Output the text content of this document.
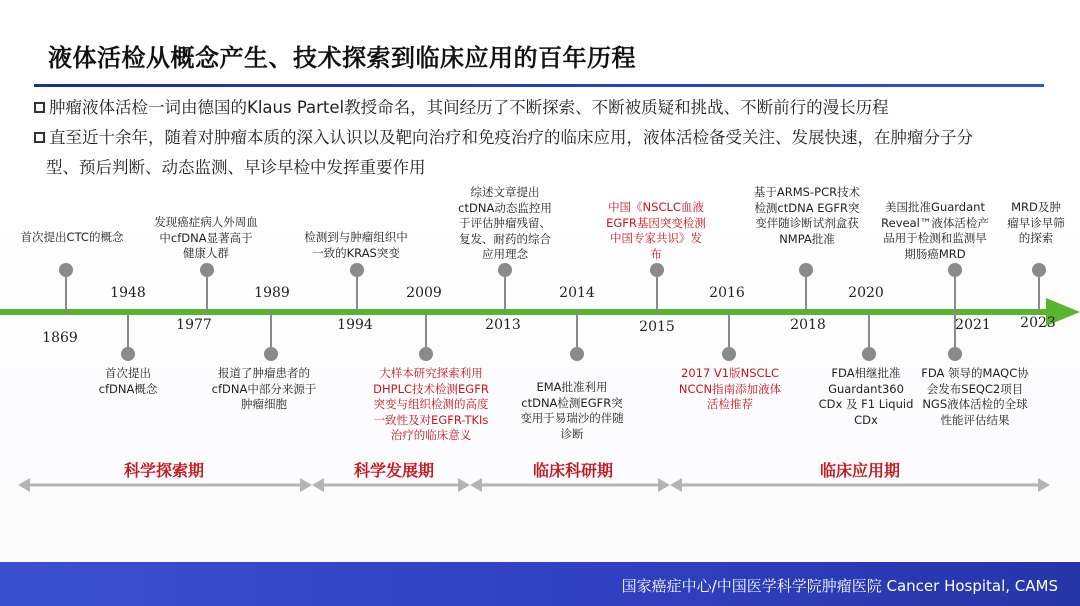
液体活检从概念产生、技术探索到临床应用的百年历程
肿瘤液体活检一词由德国的Klaus Partel教授命名，其间经历了不断探索、不断被质疑和挑战、不断前行的漫长历程
直至近十余年，随着对肿瘤本质的深入认识以及靶向治疗和免疫治疗的临床应用，液体活检备受关注、发展快速，在肿瘤分子分
型、预后判断、动态监测、早诊早检中发挥重要作用
1948
首次提出CTC的概念
1977
发现癌症病人外周血中cfDNA显著高于健康人群
1994
检测到与肿瘤组织中一致的KRAS突变
2013
综述文章提出ctDNA动态监控用于评估肿瘤残留、复发、耐药的综合应用理念
2015
中国《NSCLC血液EGFR基因突变检测中国专家共识》发布
2018
基于ARMS-PCR技术检测ctDNA EGFR突变伴随诊断试剂盒获NMPA批准
2020
美国批准Guardant Reveal™液体活检产品用于检测和监测早期肠癌MRD
2023
MRD及肿瘤早诊早筛的探索
1869
首次提出cfDNA概念
1989
报道了肿瘤患者的cfDNA中部分来源于肿瘤细胞
2009
大样本研究探索利用DHPLC技术检测EGFR突变与组织检测的高度一致性及对EGFR-TKIs治疗的临床意义
2014
EMA批准利用ctDNA检测EGFR突变用于易瑞沙的伴随诊断
2016
2017 V1版NSCLC NCCN指南添加液体活检推荐
FDA相继批准Guardant360 CDx 及 F1 Liquid CDx
2021
FDA 领导的MAQC协会发布SEQC2项目NGS液体活检的全球性能评估结果
科学探索期	科学发展期	临床科研期	临床应用期
国家癌症中心/中国医学科学院肿瘤医院 Cancer Hospital, CAMS
